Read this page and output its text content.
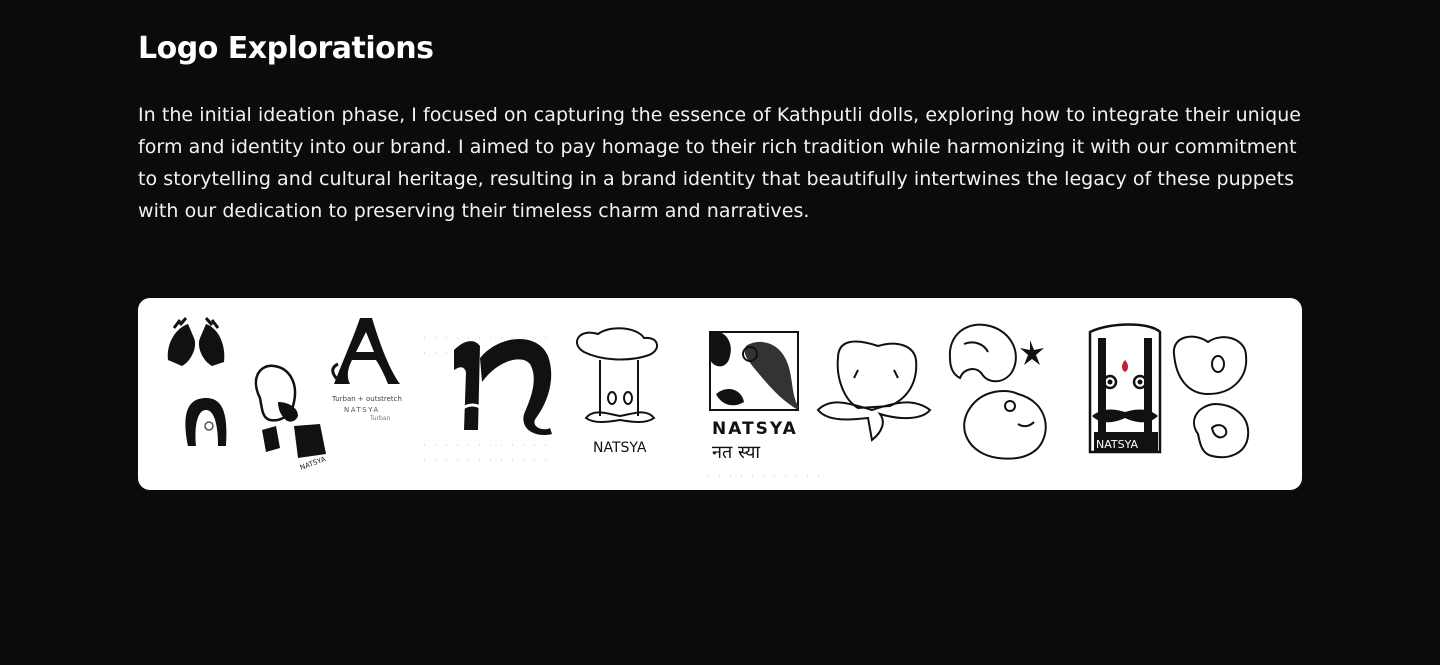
Logo Explorations

In the initial ideation phase, I focused on capturing the essence of Kathputli dolls, exploring how to integrate their unique
form and identity into our brand. I aimed to pay homage to their rich tradition while harmonizing it with our commitment
to storytelling and cultural heritage, resulting in a brand identity that beautifully intertwines the legacy of these puppets
with our dedication to preserving their timeless charm and narratives.

NATSYA
Turban + outstretch
NATSYA
Turban
NATSYA
NATSYA
नत स्या	NATSYA
